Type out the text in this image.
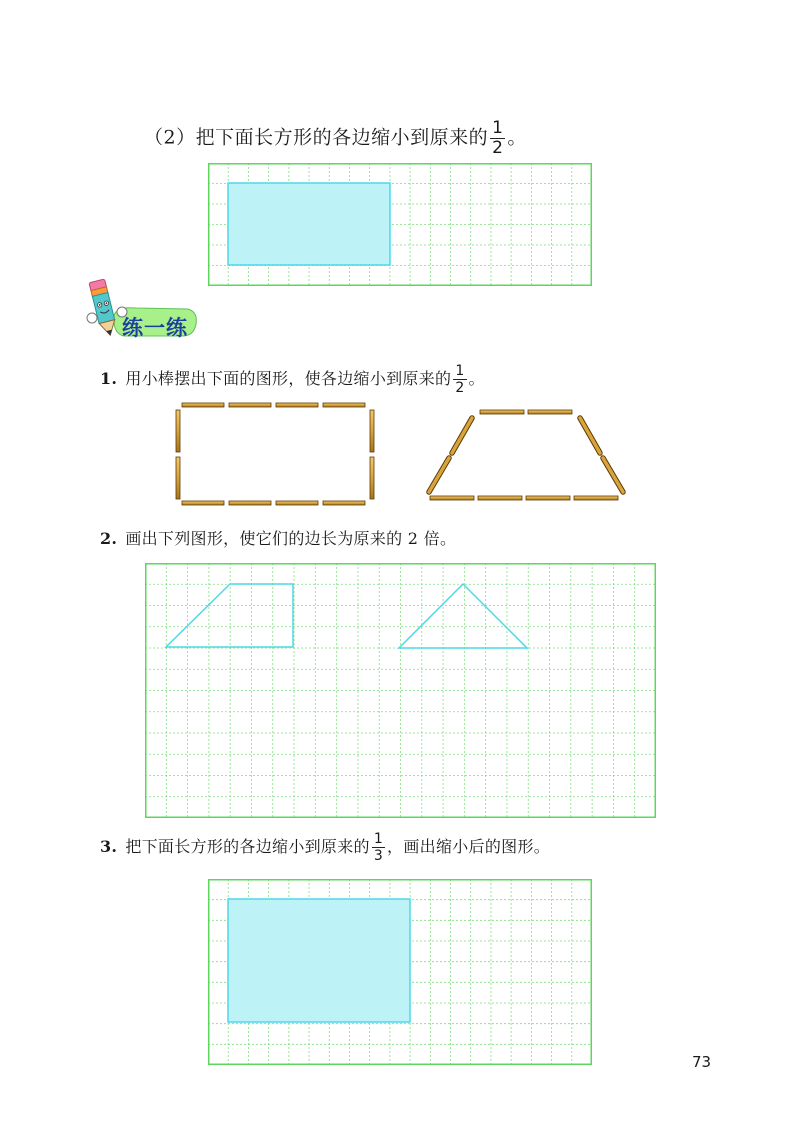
（2）把下面长方形的各边缩小到原来的 $\frac{1}{2}$ 。
练一练
1. 用小棒摆出下面的图形，使各边缩小到原来的 $\frac{1}{2}$ 。
2. 画出下列图形，使它们的边长为原来的 2 倍。
3. 把下面长方形的各边缩小到原来的 $\frac{1}{3}$ ，画出缩小后的图形。
73
